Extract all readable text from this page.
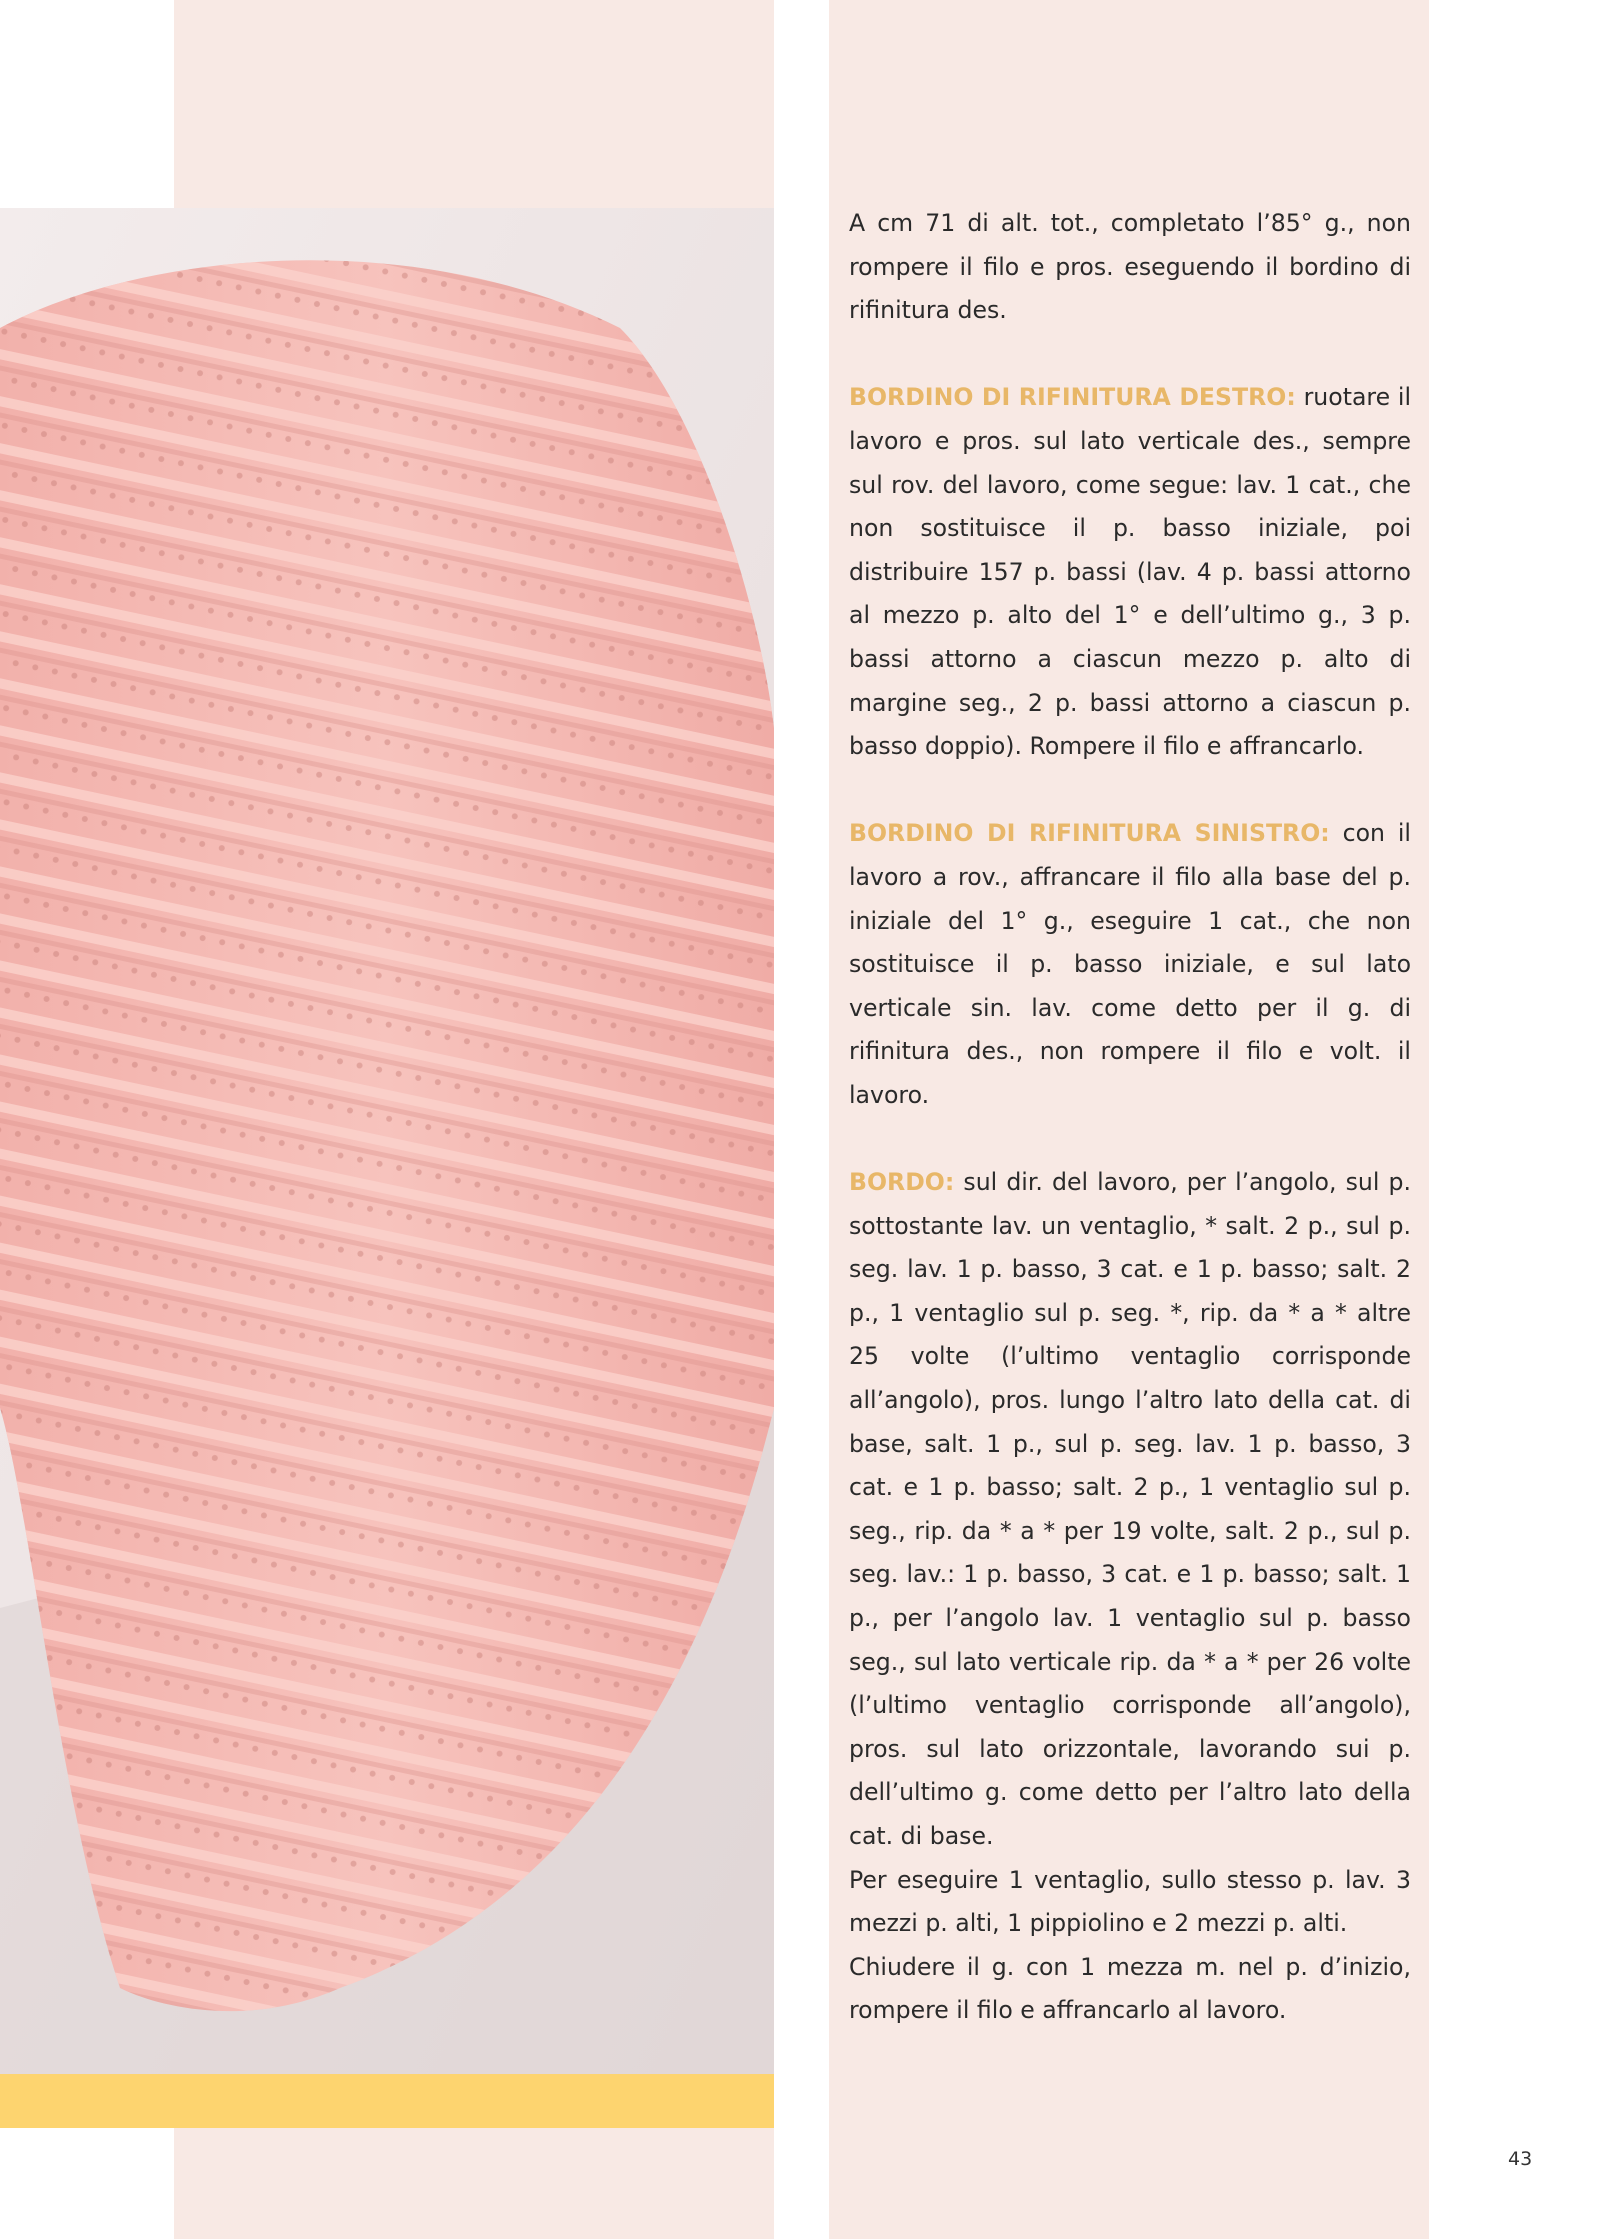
A cm 71 di alt. tot., completato l’85° g., non rompere il filo e pros. eseguendo il bordino di rifinitura des.

BORDINO DI RIFINITURA DESTRO: ruotare il lavoro e pros. sul lato verticale des., sempre sul rov. del lavoro, come segue: lav. 1 cat., che non sostituisce il p. basso iniziale, poi distribuire 157 p. bassi (lav. 4 p. bassi attorno al mezzo p. alto del 1° e dell’ultimo g., 3 p. bassi attorno a ciascun mezzo p. alto di margine seg., 2 p. bassi attorno a ciascun p. basso doppio). Rompere il filo e affrancarlo.

BORDINO DI RIFINITURA SINISTRO: con il lavoro a rov., affrancare il filo alla base del p. iniziale del 1° g., eseguire 1 cat., che non sostituisce il p. basso iniziale, e sul lato verticale sin. lav. come detto per il g. di rifinitura des., non rompere il filo e volt. il lavoro.

BORDO: sul dir. del lavoro, per l’angolo, sul p. sottostante lav. un ventaglio, * salt. 2 p., sul p. seg. lav. 1 p. basso, 3 cat. e 1 p. basso; salt. 2 p., 1 ventaglio sul p. seg. *, rip. da * a * altre 25 volte (l’ultimo ventaglio corrisponde all’angolo), pros. lungo l’altro lato della cat. di base, salt. 1 p., sul p. seg. lav. 1 p. basso, 3 cat. e 1 p. basso; salt. 2 p., 1 ventaglio sul p. seg., rip. da * a * per 19 volte, salt. 2 p., sul p. seg. lav.: 1 p. basso, 3 cat. e 1 p. basso; salt. 1 p., per l’angolo lav. 1 ventaglio sul p. basso seg., sul lato verticale rip. da * a * per 26 volte (l’ultimo ventaglio corrisponde all’angolo), pros. sul lato orizzontale, lavorando sui p. dell’ultimo g. come detto per l’altro lato della cat. di base.

Per eseguire 1 ventaglio, sullo stesso p. lav. 3 mezzi p. alti, 1 pippiolino e 2 mezzi p. alti.

Chiudere il g. con 1 mezza m. nel p. d’inizio, rompere il filo e affrancarlo al lavoro.

43
